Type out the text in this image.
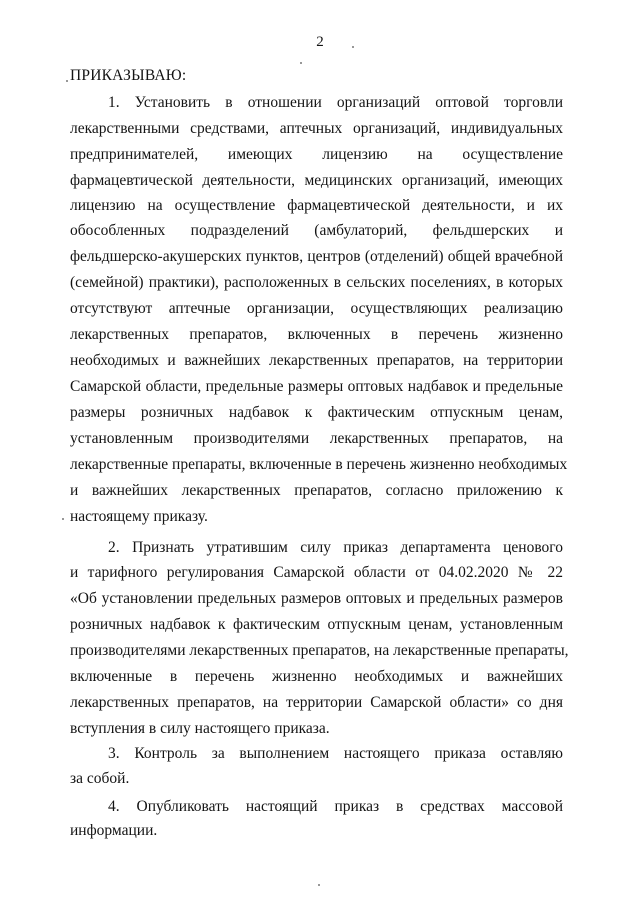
2
ПРИКАЗЫВАЮ:
1. Установить в отношении организаций оптовой торговли
лекарственными средствами, аптечных организаций, индивидуальных
предпринимателей, имеющих лицензию на осуществление
фармацевтической деятельности, медицинских организаций, имеющих
лицензию на осуществление фармацевтической деятельности, и их
обособленных подразделений (амбулаторий, фельдшерских и
фельдшерско-акушерских пунктов, центров (отделений) общей врачебной
(семейной) практики), расположенных в сельских поселениях, в которых
отсутствуют аптечные организации, осуществляющих реализацию
лекарственных препаратов, включенных в перечень жизненно
необходимых и важнейших лекарственных препаратов, на территории
Самарской области, предельные размеры оптовых надбавок и предельные
размеры розничных надбавок к фактическим отпускным ценам,
установленным производителями лекарственных препаратов, на
лекарственные препараты, включенные в перечень жизненно необходимых
и важнейших лекарственных препаратов, согласно приложению к
настоящему приказу.
2. Признать утратившим силу приказ департамента ценового
и тарифного регулирования Самарской области от 04.02.2020 № 22
«Об установлении предельных размеров оптовых и предельных размеров
розничных надбавок к фактическим отпускным ценам, установленным
производителями лекарственных препаратов, на лекарственные препараты,
включенные в перечень жизненно необходимых и важнейших
лекарственных препаратов, на территории Самарской области» со дня
вступления в силу настоящего приказа.
3. Контроль за выполнением настоящего приказа оставляю
за собой.
4. Опубликовать настоящий приказ в средствах массовой
информации.
